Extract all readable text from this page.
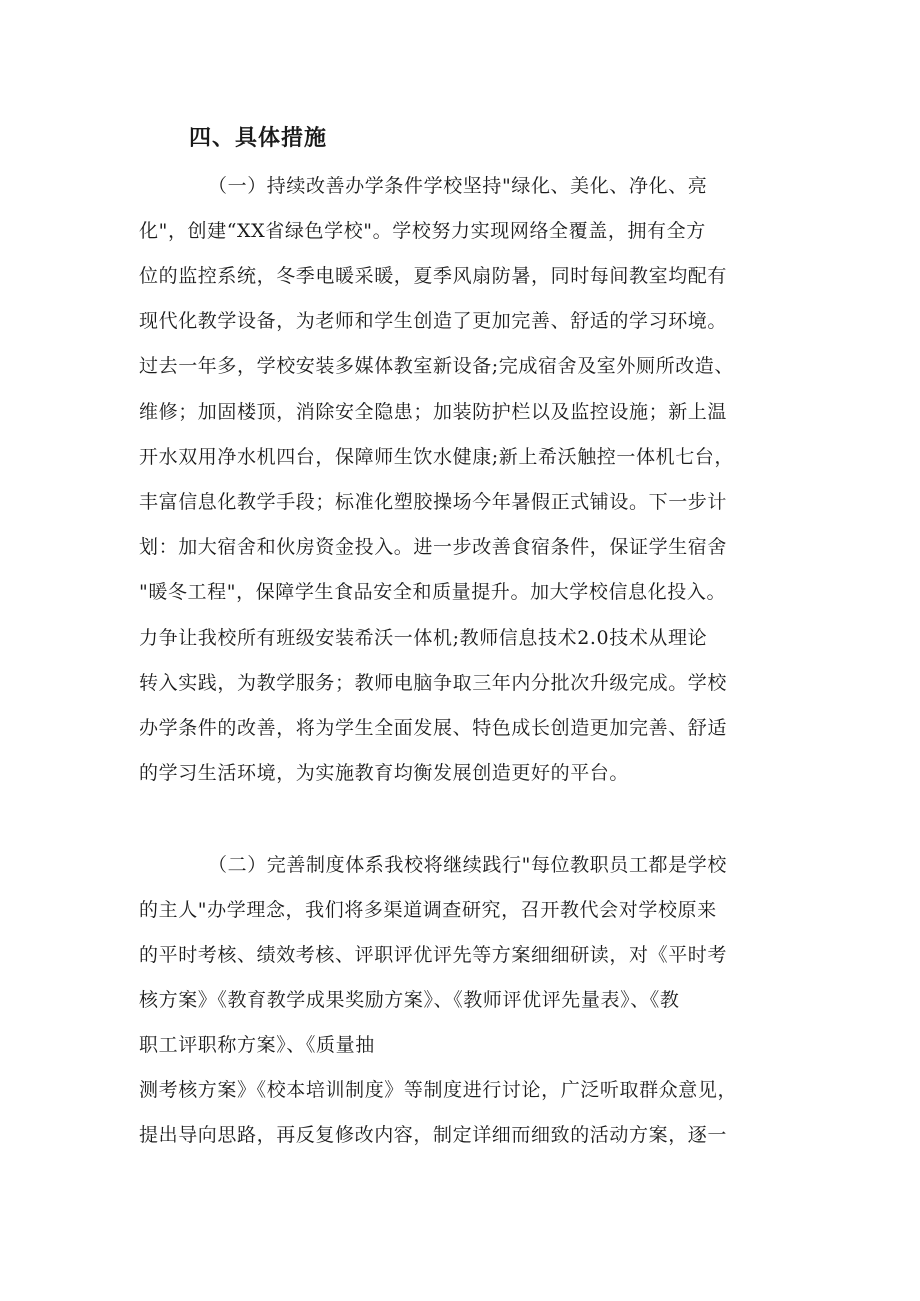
四、具体措施

（一）持续改善办学条件学校坚持"绿化、美化、净化、亮

化"，创建“XX省绿色学校"。学校努力实现网络全覆盖，拥有全方

位的监控系统，冬季电暖采暖，夏季风扇防暑，同时每间教室均配有

现代化教学设备，为老师和学生创造了更加完善、舒适的学习环境。

过去一年多，学校安装多媒体教室新设备;完成宿舍及室外厕所改造、

维修；加固楼顶，消除安全隐患；加装防护栏以及监控设施；新上温

开水双用净水机四台，保障师生饮水健康;新上希沃触控一体机七台，

丰富信息化教学手段；标准化塑胶操场今年暑假正式铺设。下一步计

划：加大宿舍和伙房资金投入。进一步改善食宿条件，保证学生宿舍

"暖冬工程"，保障学生食品安全和质量提升。加大学校信息化投入。

力争让我校所有班级安装希沃一体机;教师信息技术2.0技术从理论

转入实践，为教学服务；教师电脑争取三年内分批次升级完成。学校

办学条件的改善，将为学生全面发展、特色成长创造更加完善、舒适

的学习生活环境，为实施教育均衡发展创造更好的平台。

（二）完善制度体系我校将继续践行"每位教职员工都是学校

的主人"办学理念，我们将多渠道调查研究，召开教代会对学校原来

的平时考核、绩效考核、评职评优评先等方案细细研读，对《平时考

核方案》《教育教学成果奖励方案》、《教师评优评先量表》、《教

职工评职称方案》、《质量抽

测考核方案》《校本培训制度》等制度进行讨论，广泛听取群众意见，

提出导向思路，再反复修改内容，制定详细而细致的活动方案，逐一
